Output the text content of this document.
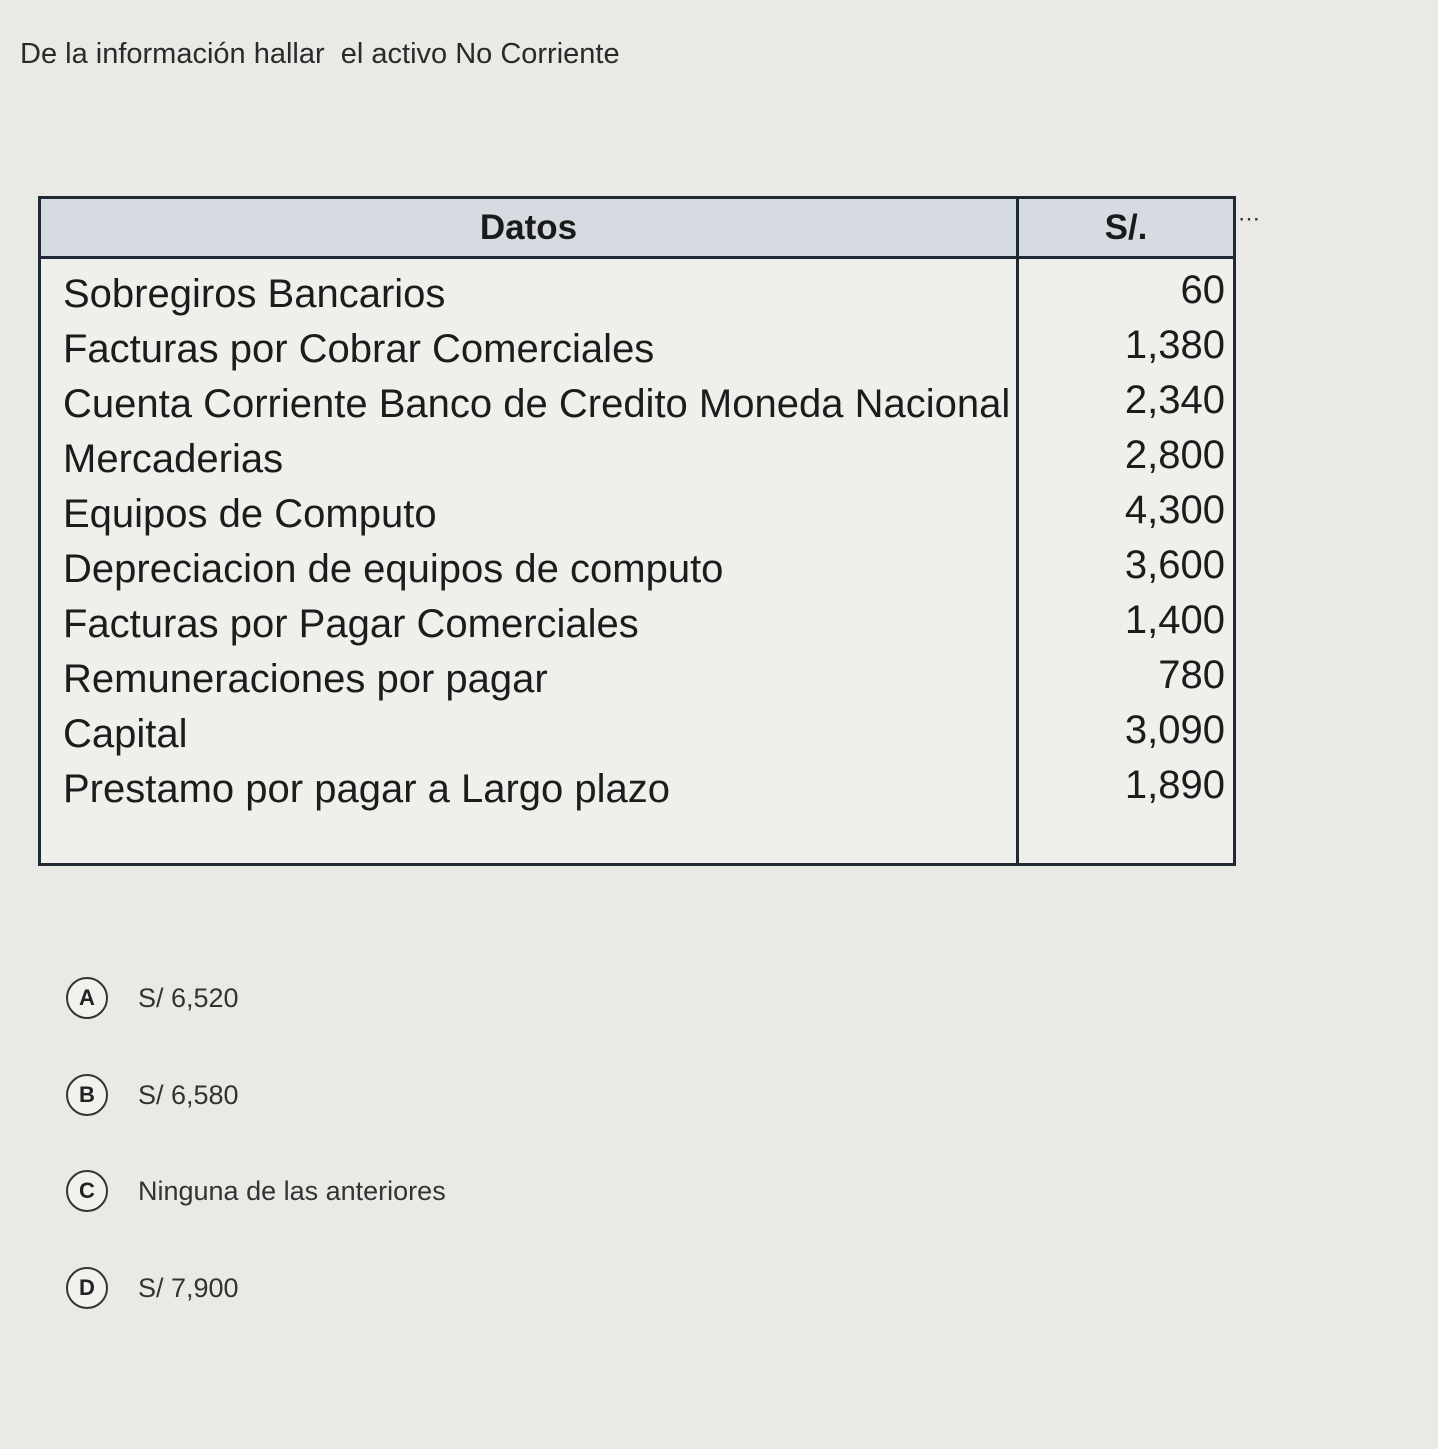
De la información hallar  el activo No Corriente
Datos	S/.
Sobregiros Bancarios	60
Facturas por Cobrar Comerciales	1,380
Cuenta Corriente Banco de Credito Moneda Nacional	2,340
Mercaderias	2,800
Equipos de Computo	4,300
Depreciacion de equipos de computo	3,600
Facturas por Pagar Comerciales	1,400
Remuneraciones por pagar	780
Capital	3,090
Prestamo por pagar a Largo plazo	1,890
⋯
A	S/ 6,520
B	S/ 6,580
C	Ninguna de las anteriores
D	S/ 7,900
